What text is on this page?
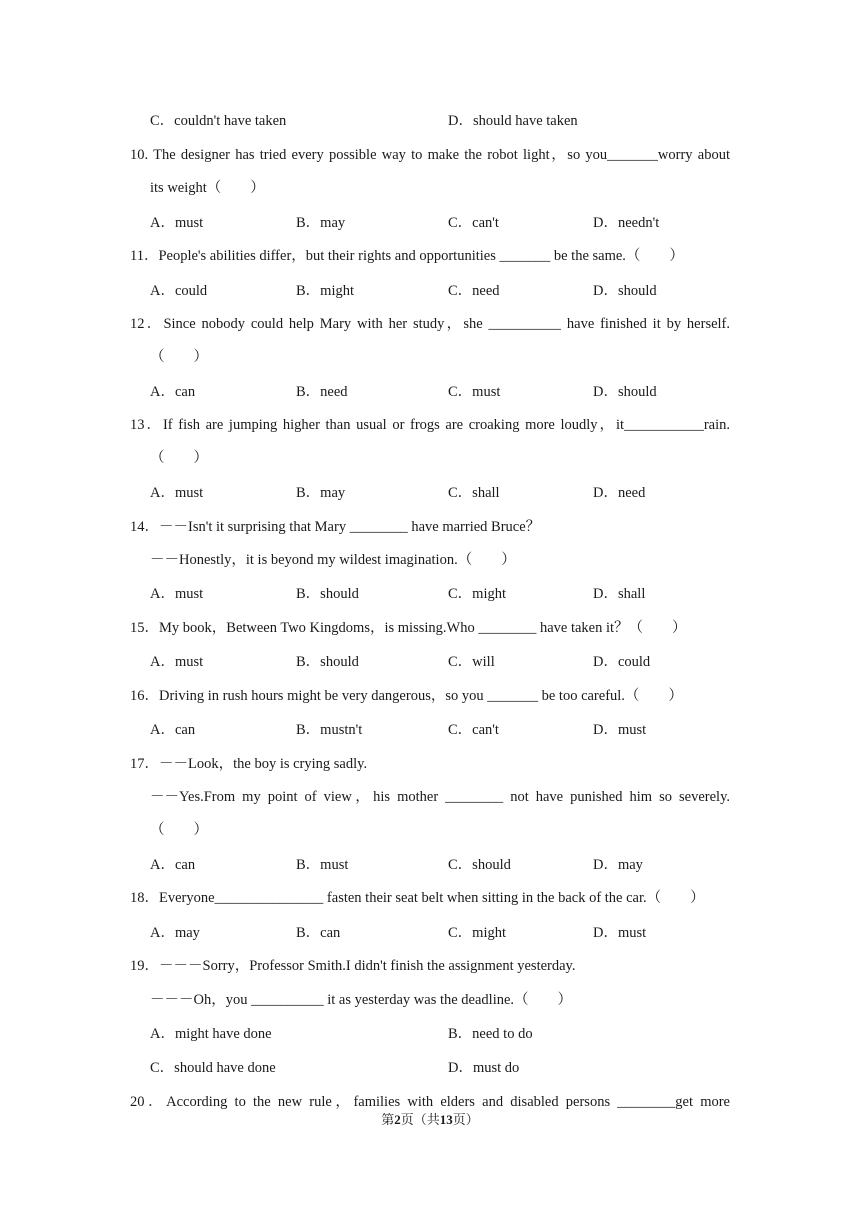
C．couldn't have taken	D．should have taken
10. The designer has tried every possible way to make the robot light，so you_______worry about
its weight（　　）
A．must	B．may	C．can't	D．needn't
11．People's abilities differ，but their rights and opportunities _______ be the same.（　　）
A．could	B．might	C．need	D．should
12．Since nobody could help Mary with her study，she __________ have finished it by herself.
（　　）
A．can	B．need	C．must	D．should
13．If fish are jumping higher than usual or frogs are croaking more loudly，it___________rain.
（　　）
A．must	B．may	C．shall	D．need
14．－－Isn't it surprising that Mary ________ have married Bruce？
－－Honestly，it is beyond my wildest imagination.（　　）
A．must	B．should	C．might	D．shall
15．My book，Between Two Kingdoms，is missing.Who ________ have taken it？（　　）
A．must	B．should	C．will	D．could
16．Driving in rush hours might be very dangerous，so you _______ be too careful.（　　）
A．can	B．mustn't	C．can't	D．must
17．－－Look，the boy is crying sadly.
－－Yes.From my point of view，his mother ________ not have punished him so severely.
（　　）
A．can	B．must	C．should	D．may
18．Everyone_______________ fasten their seat belt when sitting in the back of the car.（　　）
A．may	B．can	C．might	D．must
19．－－－Sorry，Professor Smith.I didn't finish the assignment yesterday.
－－－Oh，you __________ it as yesterday was the deadline.（　　）
A．might have done	B．need to do
C．should have done	D．must do
20．According to the new rule，families with elders and disabled persons ________get more
第2页（共13页）
